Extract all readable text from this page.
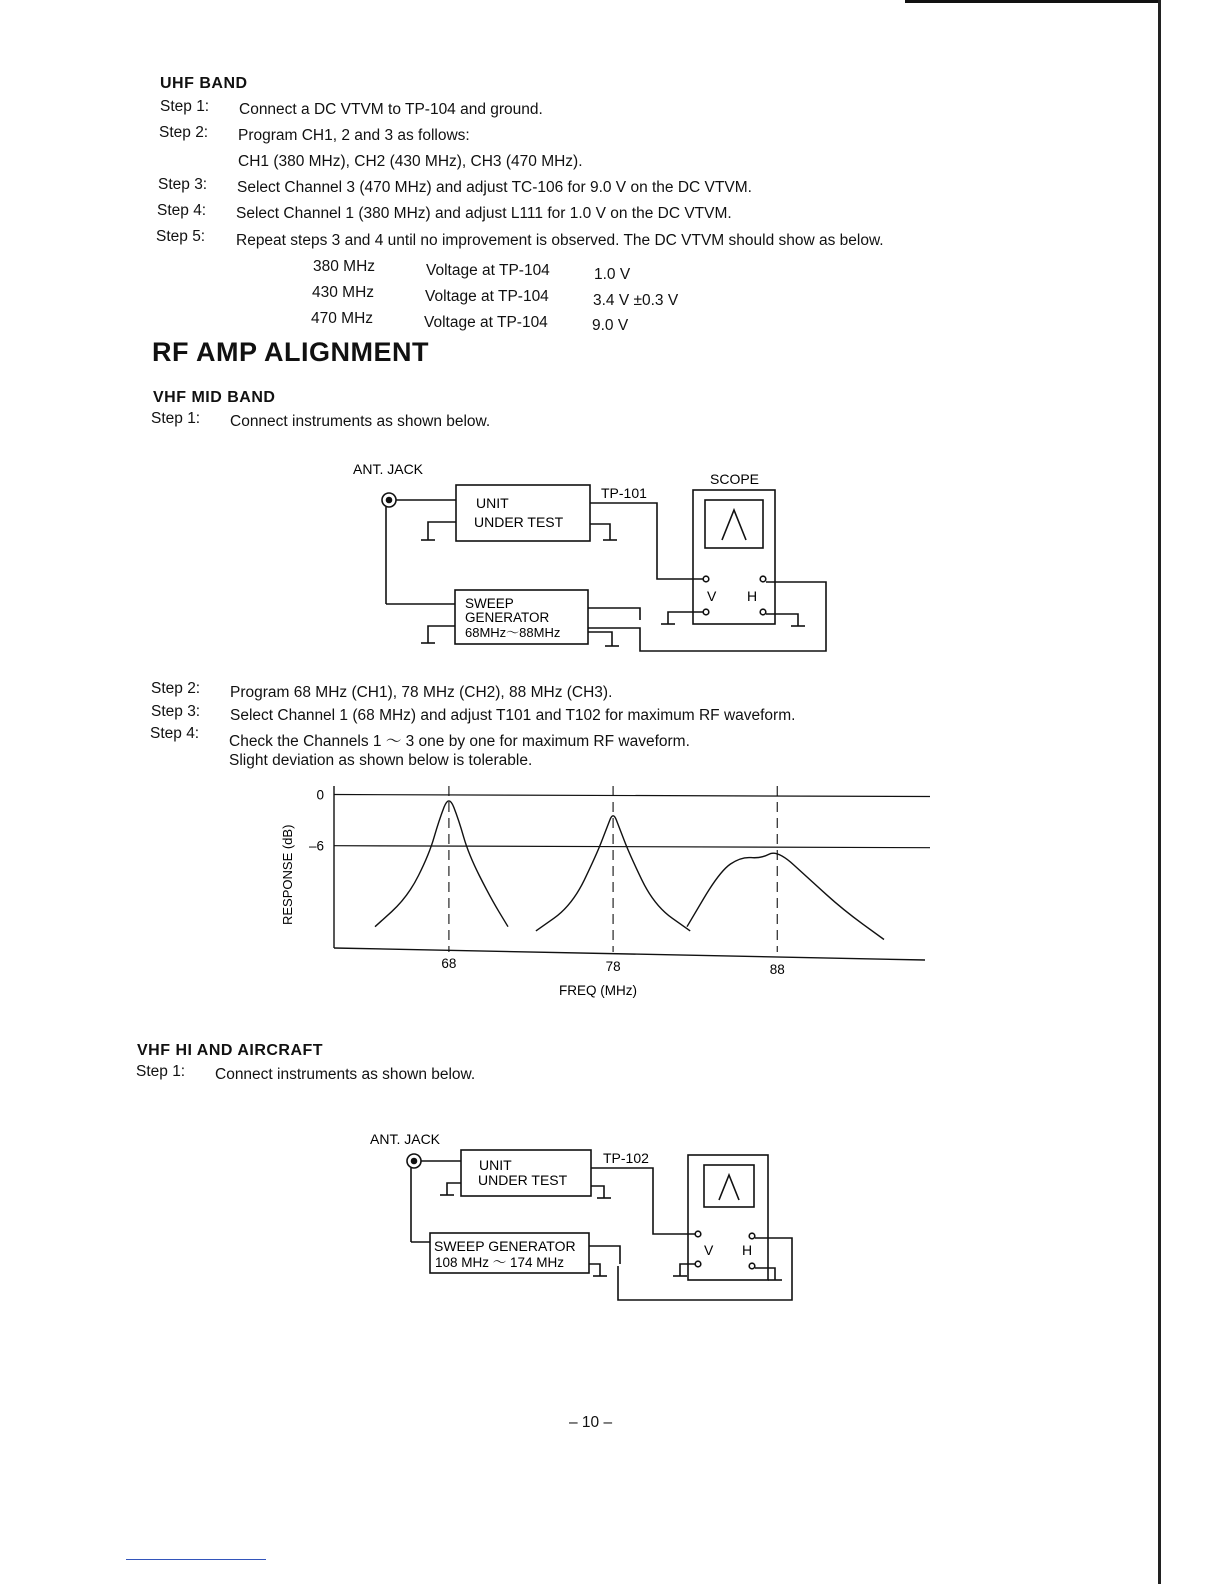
UHF BAND
Step 1: Connect a DC VTVM to TP-104 and ground.
Step 2: Program CH1, 2 and 3 as follows:
CH1 (380 MHz), CH2 (430 MHz), CH3 (470 MHz).
Step 3: Select Channel 3 (470 MHz) and adjust TC-106 for 9.0 V on the DC VTVM.
Step 4: Select Channel 1 (380 MHz) and adjust L111 for 1.0 V on the DC VTVM.
Step 5: Repeat steps 3 and 4 until no improvement is observed. The DC VTVM should show as below.
380 MHz	Voltage at TP-104	1.0 V
430 MHz	Voltage at TP-104	3.4 V ±0.3 V
470 MHz	Voltage at TP-104	9.0 V
RF AMP ALIGNMENT
VHF MID BAND
Step 1: Connect instruments as shown below.
ANT. JACK
UNIT
UNDER TEST
TP-101
SCOPE
V H
SWEEP
GENERATOR
68MHz～88MHz
Step 2: Program 68 MHz (CH1), 78 MHz (CH2), 88 MHz (CH3).
Step 3: Select Channel 1 (68 MHz) and adjust T101 and T102 for maximum RF waveform.
Step 4: Check the Channels 1 ～ 3 one by one for maximum RF waveform.
Slight deviation as shown below is tolerable.
0
–6
68	78	88
RESPONSE (dB)
FREQ (MHz)
VHF HI AND AIRCRAFT
Step 1: Connect instruments as shown below.
ANT. JACK
UNIT
UNDER TEST
TP-102
V H
SWEEP GENERATOR
108 MHz ～ 174 MHz
– 10 –
